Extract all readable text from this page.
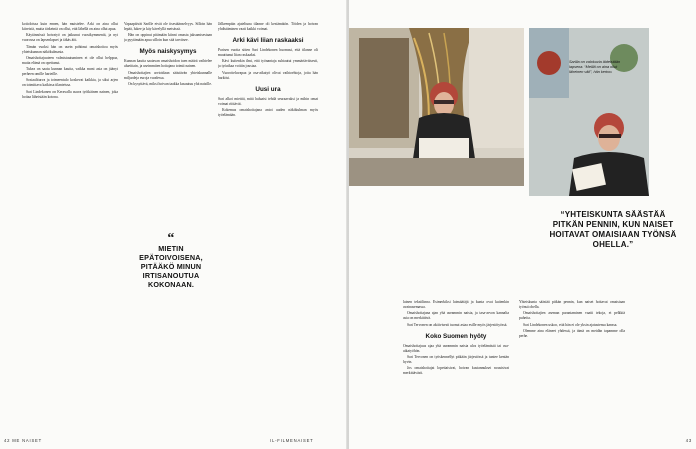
kotioloissa kuin ennen, hän muistelee. Arki on aina ollut kiireistä, mutta tärkeintä on ollut, että lähellä on aina ollut apua.

Käytännössä hoivatyö on jatkunut vuosikymmeniä, ja nyt vuorossa on lapsenlapset ja iäkäs äiti.

Tämän vuoksi hän on usein pohtinut omaishoitoa myös yhteiskunnan näkökulmasta.

Omaishoitajuuteen valmistautuminen ei ole ollut helppoa, mutta elämä on opettanut.

Tukea on saatu kunnan kautta, vaikka moni asia on jäänyt perheen omille harteille.

Sosiaaliturva ja toimeentulo koskevat kaikkia, ja siksi arjen on toimittava kaikissa tilanteissa.

Sari Lindekonen on Keravalla asuva työikäinen nainen, joka hoitaa läheistään kotona.

Vapaapäivät Sarille eivät ole itsestäänselvyys. Silloin hän lepää, lukee ja käy kävelyllä metsässä.

Hän on oppinut pitämään kiinni omasta jaksamisestaan ja pyytämään apua silloin kun sitä tarvitsee.

Myös naiskysymys

Kunnan kautta saatavan omaishoidon tuen määrä vaihtelee alueittain, ja useimmiten hoitajana toimii nainen.

Omaishoitajien arvioidaan säästävän yhteiskunnalle miljardeja euroja vuodessa.

On kysyttävä, miksi hoivan taakka kasautuu yhä naisille.

“
MIETIN EPÄTOIVOISENA, PITÄÄKÖ MINUN IRTISANOUTUA KOKONAAN.

Jälkeenpäin ajateltuna tilanne oli kestämätön. Töiden ja hoivan yhdistäminen vaati kaikki voimat.

Arki kävi liian raskaaksi

Parisen vuotta sitten Sari Lindekonen huomasi, että tilanne oli muuttunut liian raskaaksi.

Kävi kuitenkin ilmi, että työnantaja suhtautui ymmärtäväisesti, ja työaikaa voitiin joustaa.

Vuorotteluvapaa ja osa-aikatyö olivat vaihtoehtoja, joita hän harkitsi.

Uusi ura

Sari alkoi miettiä, mitä haluaisi tehdä seuraavaksi ja mihin omat voimat riittävät.

Kokemus omaishoitajana antoi uuden näkökulman myös työelämään.

42 ME NAISET	IL-FILMENAISET
Sarilla on valokuvia äideistään lapsena. “Meillä on aina ollut läheinen väli”, hän kertoo.
“YHTEISKUNTA SÄÄSTÄÄ PITKÄN PENNIN, KUN NAISET HOITAVAT OMAISIAAN TYÖNSÄ OHELLA.”

lainen tekstilinna. Esimerkiksi lainsäätäjä ja kunta ovat kuitenkin avainasemassa.

Omaishoitajana ajan yhä useammin naisia, ja tasa-arvon kannalta asia on merkittävä.

Sari Tervonen on aktiivisesti tuonut asiaa esille myös järjestötyössä.

Koko Suomen hyöty

Omaishoitajuus ajaa yhä useammin naisia ulos työelämästä tai osa-aikatyöhön.

Sari Tervonen on työskennellyt pitkään järjestössä ja tuntee kentän hyvin.

Jos omaishoitajat lopettaisivat, hoivan kustannukset nousisivat merkittävästi.

Yhteiskunta säästää pitkän pennin, kun naiset hoitavat omaisiaan työnsä ohella.

Omaishoitajien aseman parantaminen vaatii tekoja, ei pelkkiä puheita.

Sari Lindekonen uskoo, että hän ei ole yksin ajatustensa kanssa.

Olemme aina eläneet yhdessä, ja tämä on meidän tapamme olla perhe.

43
